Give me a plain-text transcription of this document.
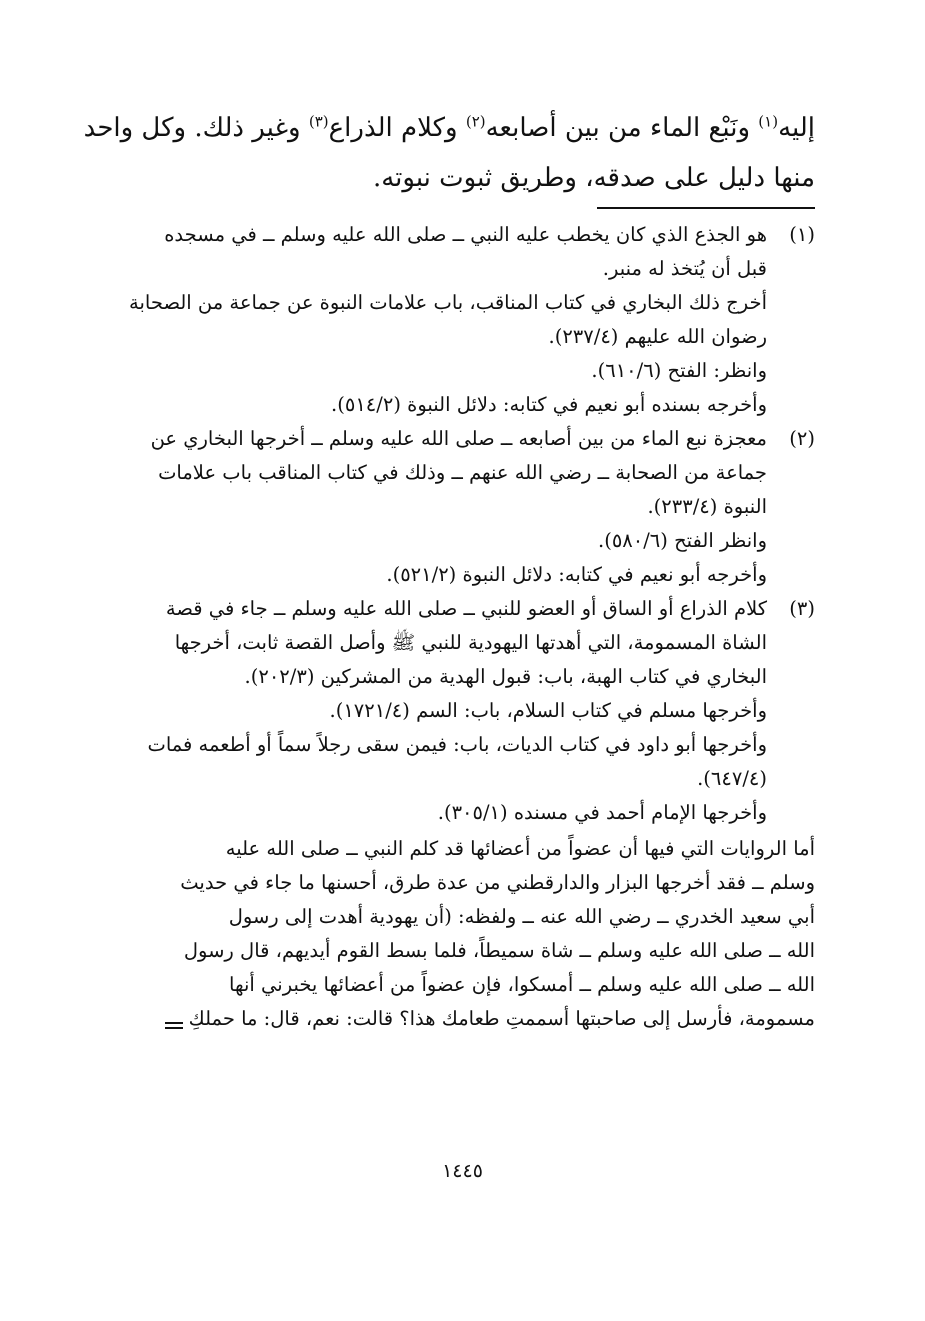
إليه$^{(١)}$ ونَبْع الماء من بين أصابعه$^{(٢)}$ وكلام الذراع$^{(٣)}$ وغير ذلك. وكل واحد
منها دليل على صدقه، وطريق ثبوت نبوته.
(١)
هو الجذع الذي كان يخطب عليه النبي ــ صلى الله عليه وسلم ــ في مسجده
قبل أن يُتخذ له منبر.
أخرج ذلك البخاري في كتاب المناقب، باب علامات النبوة عن جماعة من الصحابة
رضوان الله عليهم (٢٣٧/٤).
وانظر: الفتح (٦١٠/٦).
وأخرجه بسنده أبو نعيم في كتابه: دلائل النبوة (٥١٤/٢).
(٢)
معجزة نبع الماء من بين أصابعه ــ صلى الله عليه وسلم ــ أخرجها البخاري عن
جماعة من الصحابة ــ رضي الله عنهم ــ وذلك في كتاب المناقب باب علامات
النبوة (٢٣٣/٤).
وانظر الفتح (٥٨٠/٦).
وأخرجه أبو نعيم في كتابه: دلائل النبوة (٥٢١/٢).
(٣)
كلام الذراع أو الساق أو العضو للنبي ــ صلى الله عليه وسلم ــ جاء في قصة
الشاة المسمومة، التي أهدتها اليهودية للنبي ﷺ وأصل القصة ثابت، أخرجها
البخاري في كتاب الهبة، باب: قبول الهدية من المشركين (٢٠٢/٣).
وأخرجها مسلم في كتاب السلام، باب: السم (١٧٢١/٤).
وأخرجها أبو داود في كتاب الديات، باب: فيمن سقى رجلاً سماً أو أطعمه فمات
(٦٤٧/٤).
وأخرجها الإمام أحمد في مسنده (٣٠٥/١).
أما الروايات التي فيها أن عضواً من أعضائها قد كلم النبي ــ صلى الله عليه
وسلم ــ فقد أخرجها البزار والدارقطني من عدة طرق، أحسنها ما جاء في حديث
أبي سعيد الخدري ــ رضي الله عنه ــ ولفظه: (أن يهودية أهدت إلى رسول
الله ــ صلى الله عليه وسلم ــ شاة سميطاً، فلما بسط القوم أيديهم، قال رسول
الله ــ صلى الله عليه وسلم ــ أمسكوا، فإن عضواً من أعضائها يخبرني أنها
مسمومة، فأرسل إلى صاحبتها أسممتِ طعامك هذا؟ قالت: نعم، قال: ما حملكِ
١٤٤٥
